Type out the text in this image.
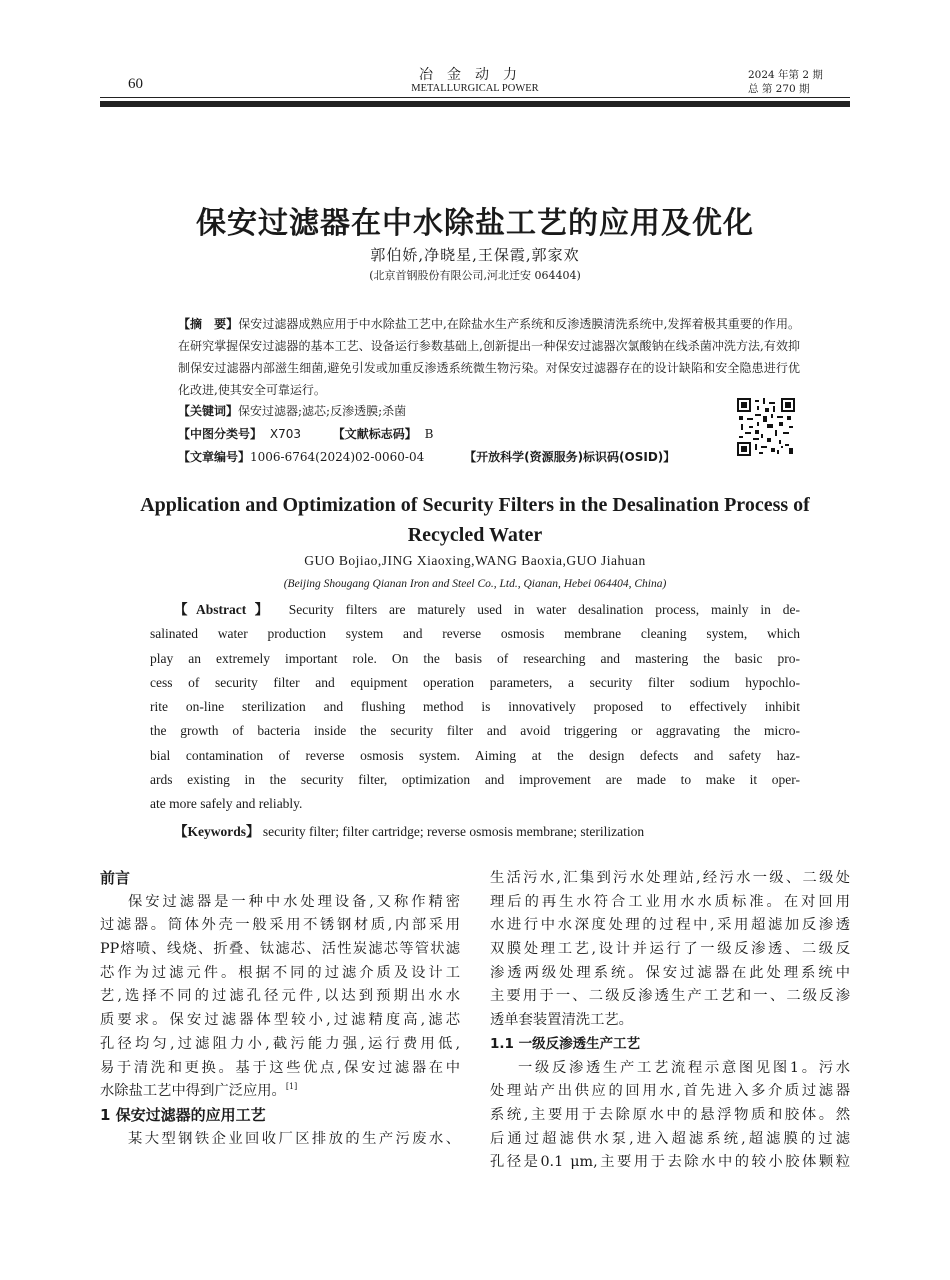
60
冶金动力
METALLURGICAL POWER
2024 年第 2 期
总 第 270 期
保安过滤器在中水除盐工艺的应用及优化
郭伯娇,净晓星,王保霞,郭家欢
(北京首钢股份有限公司,河北迁安 064404)
【摘　要】保安过滤器成熟应用于中水除盐工艺中,在除盐水生产系统和反渗透膜清洗系统中,发挥着极其重要的作用。在研究掌握保安过滤器的基本工艺、设备运行参数基础上,创新提出一种保安过滤器次氯酸钠在线杀菌冲洗方法,有效抑制保安过滤器内部滋生细菌,避免引发或加重反渗透系统微生物污染。对保安过滤器存在的设计缺陷和安全隐患进行优化改进,使其安全可靠运行。
【关键词】保安过滤器;滤芯;反渗透膜;杀菌
【中图分类号】 X703	【文献标志码】 B
【文章编号】1006-6764(2024)02-0060-04	【开放科学(资源服务)标识码(OSID)】
Application and Optimization of Security Filters in the Desalination Process of Recycled Water
GUO Bojiao,JING Xiaoxing,WANG Baoxia,GUO Jiahuan
(Beijing Shougang Qianan Iron and Steel Co., Ltd., Qianan, Hebei 064404, China)
【Abstract】 Security filters are maturely used in water desalination process, mainly in de-
salinated water production system and reverse osmosis membrane cleaning system, which
play an extremely important role. On the basis of researching and mastering the basic pro-
cess of security filter and equipment operation parameters, a security filter sodium hypochlo-
rite on-line sterilization and flushing method is innovatively proposed to effectively inhibit
the growth of bacteria inside the security filter and avoid triggering or aggravating the micro-
bial contamination of reverse osmosis system. Aiming at the design defects and safety haz-
ards existing in the security filter, optimization and improvement are made to make it oper-
ate more safely and reliably.
【Keywords】 security filter; filter cartridge; reverse osmosis membrane; sterilization
前言
保安过滤器是一种中水处理设备,又称作精密
过滤器。筒体外壳一般采用不锈钢材质,内部采用
PP熔喷、线烧、折叠、钛滤芯、活性炭滤芯等管状滤
芯作为过滤元件。根据不同的过滤介质及设计工
艺,选择不同的过滤孔径元件,以达到预期出水水
质要求。保安过滤器体型较小,过滤精度高,滤芯
孔径均匀,过滤阻力小,截污能力强,运行费用低,
易于清洗和更换。基于这些优点,保安过滤器在中
水除盐工艺中得到广泛应用。[1]
1 保安过滤器的应用工艺
某大型钢铁企业回收厂区排放的生产污废水、
生活污水,汇集到污水处理站,经污水一级、二级处
理后的再生水符合工业用水水质标准。在对回用
水进行中水深度处理的过程中,采用超滤加反渗透
双膜处理工艺,设计并运行了一级反渗透、二级反
渗透两级处理系统。保安过滤器在此处理系统中
主要用于一、二级反渗透生产工艺和一、二级反渗
透单套装置清洗工艺。
1.1 一级反渗透生产工艺
一级反渗透生产工艺流程示意图见图1。污水
处理站产出供应的回用水,首先进入多介质过滤器
系统,主要用于去除原水中的悬浮物质和胶体。然
后通过超滤供水泵,进入超滤系统,超滤膜的过滤
孔径是0.1 μm,主要用于去除水中的较小胶体颗粒
